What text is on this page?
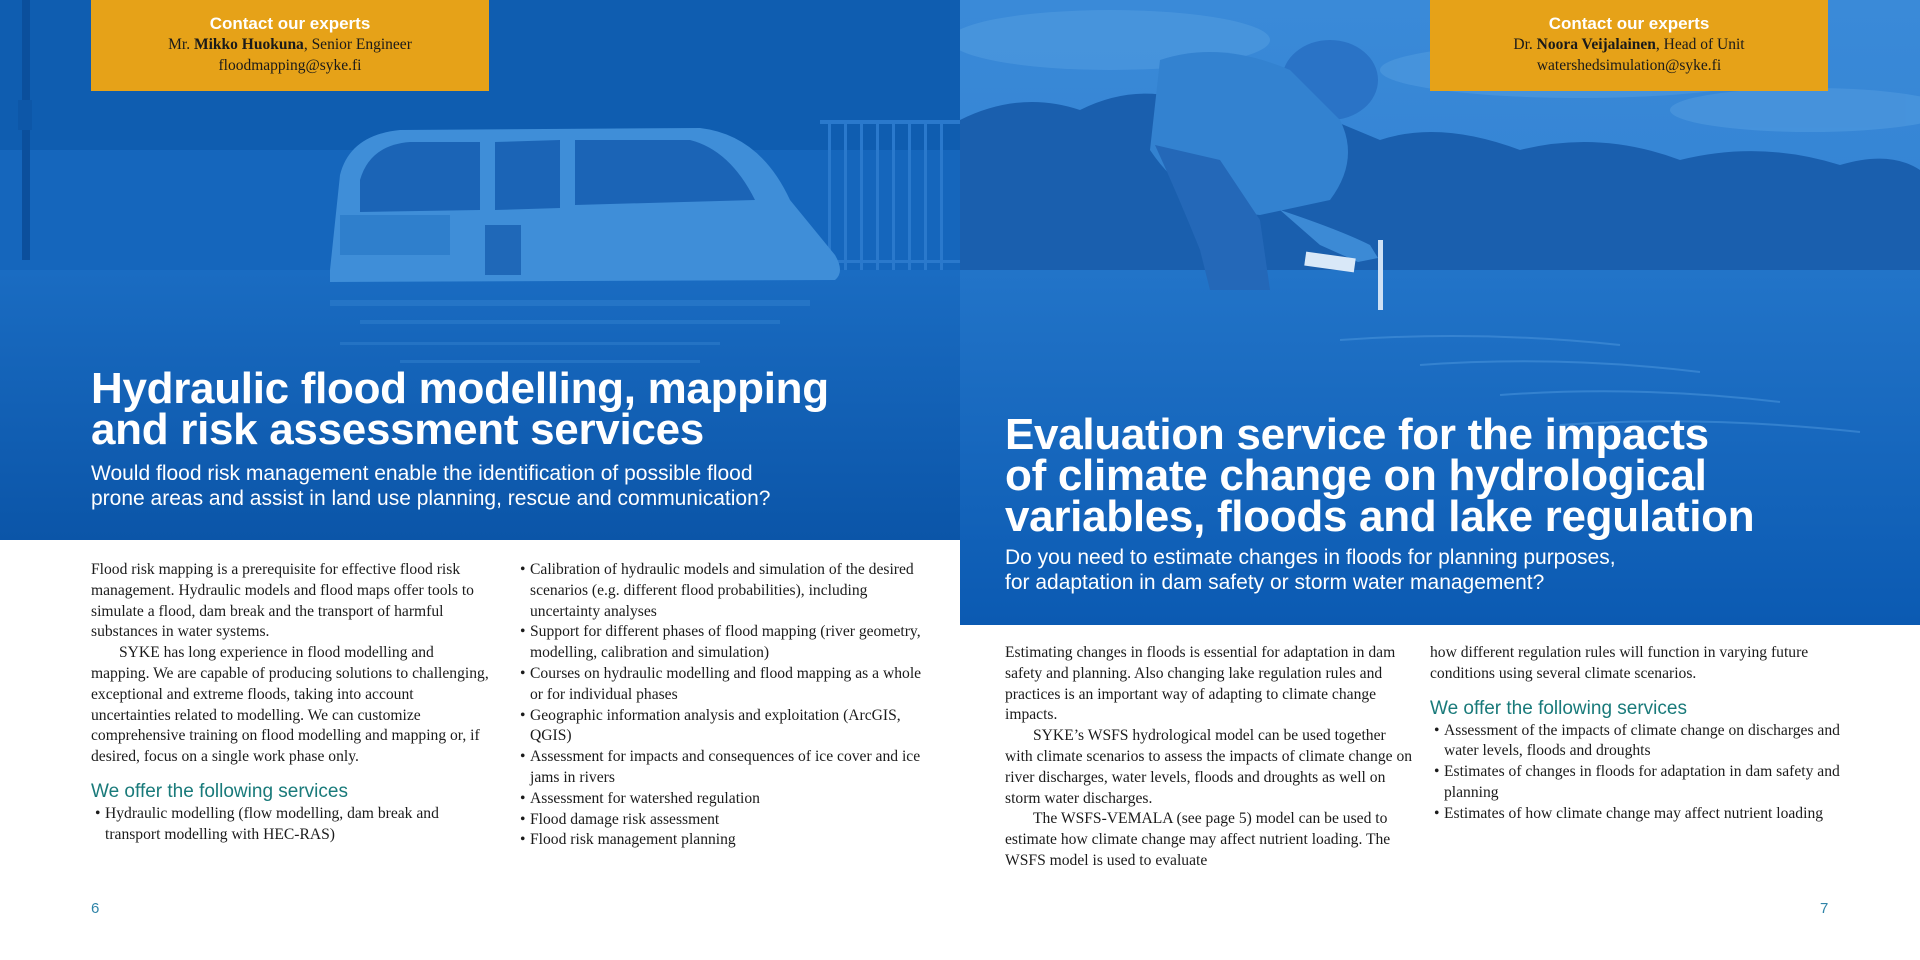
Contact our experts
Mr. Mikko Huokuna, Senior Engineer
floodmapping@syke.fi
Hydraulic flood modelling, mapping
and risk assessment services
Would flood risk management enable the identification of possible flood
prone areas and assist in land use planning, rescue and communication?

Flood risk mapping is a prerequisite for effective flood risk management. Hydraulic models and flood maps offer tools to simulate a flood, dam break and the transport of harmful substances in water systems.

SYKE has long experience in flood modelling and mapping. We are capable of producing solutions to challenging, exceptional and extreme floods, taking into account uncertainties related to modelling. We can customize comprehensive training on flood modelling and mapping or, if desired, focus on a single work phase only.

We offer the following services
• Hydraulic modelling (flow modelling, dam break and transport modelling with HEC-RAS)
• Calibration of hydraulic models and simulation of the desired scenarios (e.g. different flood probabilities), including uncertainty analyses
• Support for different phases of flood mapping (river geometry, modelling, calibration and simulation)
• Courses on hydraulic modelling and flood mapping as a whole or for individual phases
• Geographic information analysis and exploitation (ArcGIS, QGIS)
• Assessment for impacts and consequences of ice cover and ice jams in rivers
• Assessment for watershed regulation
• Flood damage risk assessment
• Flood risk management planning
6
Contact our experts
Dr. Noora Veijalainen, Head of Unit
watershedsimulation@syke.fi
Evaluation service for the impacts
of climate change on hydrological
variables, floods and lake regulation
Do you need to estimate changes in floods for planning purposes,
for adaptation in dam safety or storm water management?

Estimating changes in floods is essential for adaptation in dam safety and planning. Also changing lake regulation rules and practices is an important way of adapting to climate change impacts.

SYKE’s WSFS hydrological model can be used together with climate scenarios to assess the impacts of climate change on river discharges, water levels, floods and droughts as well on storm water discharges.

The WSFS-VEMALA (see page 5) model can be used to estimate how climate change may affect nutrient loading. The WSFS model is used to evaluate

how different regulation rules will function in varying future conditions using several climate scenarios.

We offer the following services
• Assessment of the impacts of climate change on discharges and water levels, floods and droughts
• Estimates of changes in floods for adaptation in dam safety and planning
• Estimates of how climate change may affect nutrient loading
7
